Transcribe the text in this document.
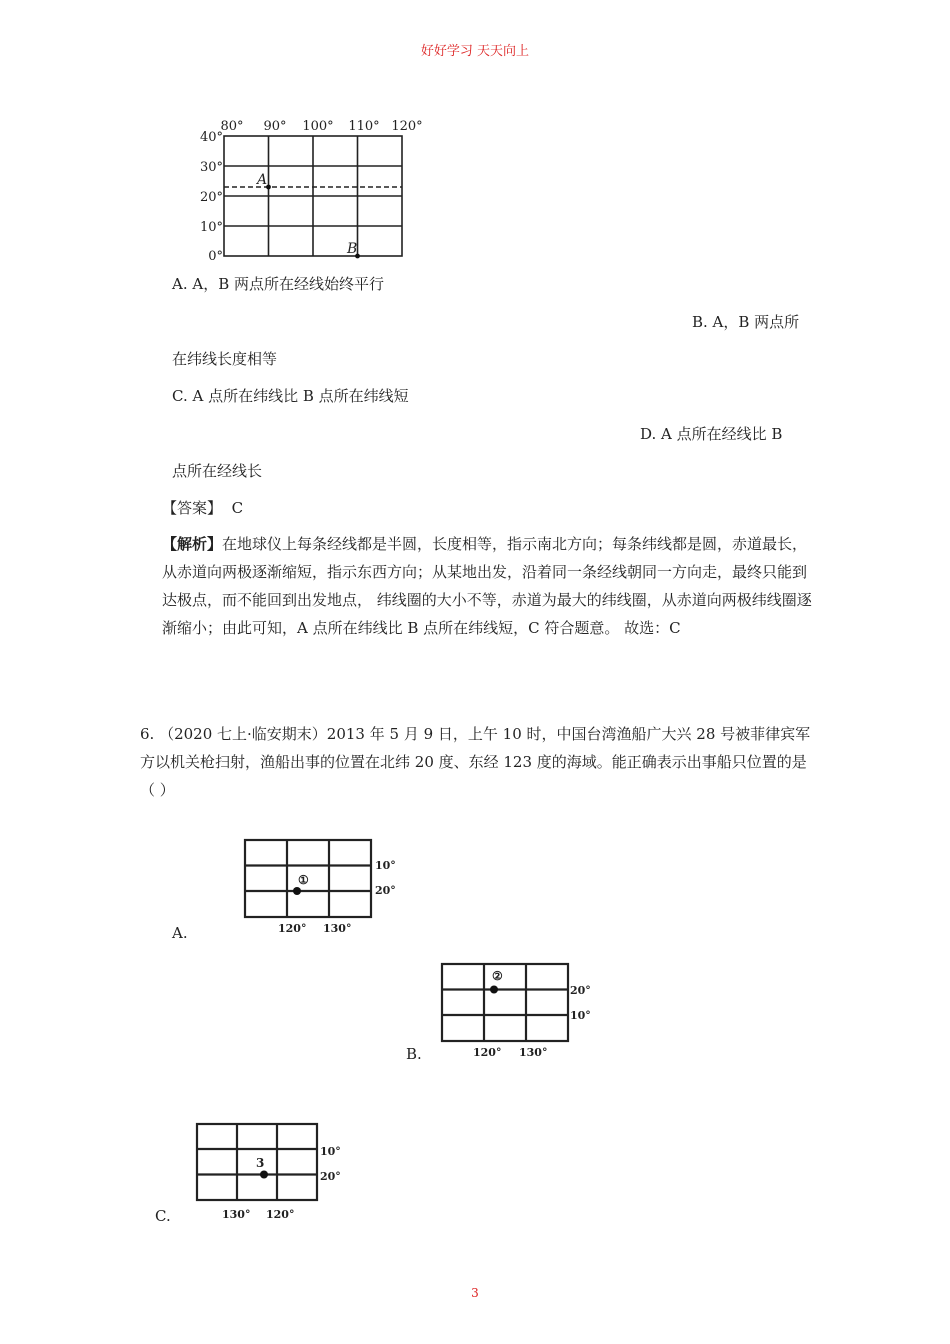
好好学习 天天向上
80° 90° 100° 110° 120°
40°
30°
20°
10°
0°
A
B
A. A，B 两点所在经线始终平行
B. A，B 两点所
在纬线长度相等
C. A 点所在纬线比 B 点所在纬线短
D. A 点所在经线比 B
点所在经线长
【答案】 C
【解析】在地球仪上每条经线都是半圆，长度相等，指示南北方向；每条纬线都是圆，赤道最长，从赤道向两极逐渐缩短，指示东西方向；从某地出发，沿着同一条经线朝同一方向走，最终只能到达极点，而不能回到出发地点， 纬线圈的大小不等，赤道为最大的纬线圈，从赤道向两极纬线圈逐渐缩小；由此可知，A 点所在纬线比 B 点所在纬线短，C 符合题意。 故选：C
6. （2020 七上·临安期末）2013 年 5 月 9 日，上午 10 时，中国台湾渔船广大兴 28 号被菲律宾军方以机关枪扫射，渔船出事的位置在北纬 20 度、东经 123 度的海域。能正确表示出事船只位置的是（ ）
A.
①
10°
20°
120° 130°
B.
②
20°
10°
120° 130°
C.
3
10°
20°
130° 120°
3
